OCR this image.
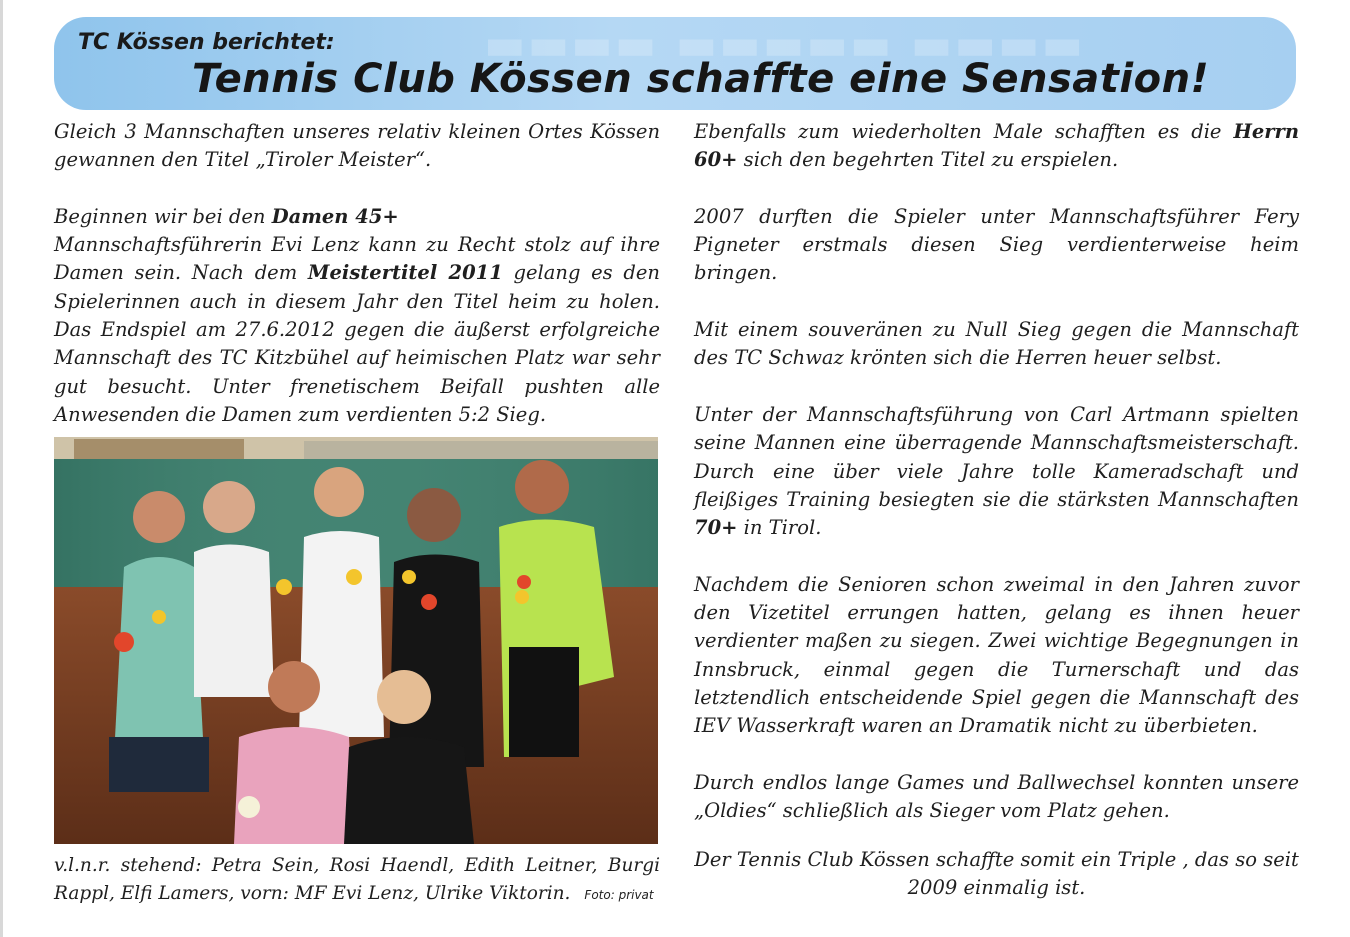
▬▬▬▬ ▬▬▬▬▬ ▬▬▬▬
TC Kössen berichtet:
Tennis Club Kössen schaffte eine Sensation!

Gleich 3 Mannschaften unseres relativ kleinen Ortes Kössen gewannen den Titel „Tiroler Meister“.

Beginnen wir bei den Damen 45+
Mannschaftsführerin Evi Lenz kann zu Recht stolz auf ihre Damen sein. Nach dem Meistertitel 2011 gelang es den Spielerinnen auch in diesem Jahr den Titel heim zu holen. Das Endspiel am 27.6.2012 gegen die äußerst erfolgreiche Mannschaft des TC Kitzbühel auf heimischen Platz war sehr gut besucht. Unter frenetischem Beifall pushten alle Anwesenden die Damen zum verdienten 5:2 Sieg.

v.l.n.r. stehend: Petra Sein, Rosi Haendl, Edith Leitner, Burgi Rappl, Elfi Lamers, vorn: MF Evi Lenz, Ulrike Viktorin. Foto: privat

Ebenfalls zum wiederholten Male schafften es die Herrn 60+ sich den begehrten Titel zu erspielen.

2007 durften die Spieler unter Mannschaftsführer Fery Pigneter erstmals diesen Sieg verdienterweise heim bringen.

Mit einem souveränen zu Null Sieg gegen die Mannschaft des TC Schwaz krönten sich die Herren heuer selbst.

Unter der Mannschaftsführung von Carl Artmann spielten seine Mannen eine überragende Mannschaftsmeisterschaft. Durch eine über viele Jahre tolle Kameradschaft und fleißiges Training besiegten sie die stärksten Mannschaften 70+ in Tirol.

Nachdem die Senioren schon zweimal in den Jahren zuvor den Vizetitel errungen hatten, gelang es ihnen heuer verdienter maßen zu siegen. Zwei wichtige Begegnungen in Innsbruck, einmal gegen die Turnerschaft und das letztendlich entscheidende Spiel gegen die Mannschaft des IEV Wasserkraft waren an Dramatik nicht zu überbieten.

Durch endlos lange Games und Ballwechsel konnten unsere „Oldies“ schließlich als Sieger vom Platz gehen.

Der Tennis Club Kössen schaffte somit ein Triple , das so seit 2009 einmalig ist.
